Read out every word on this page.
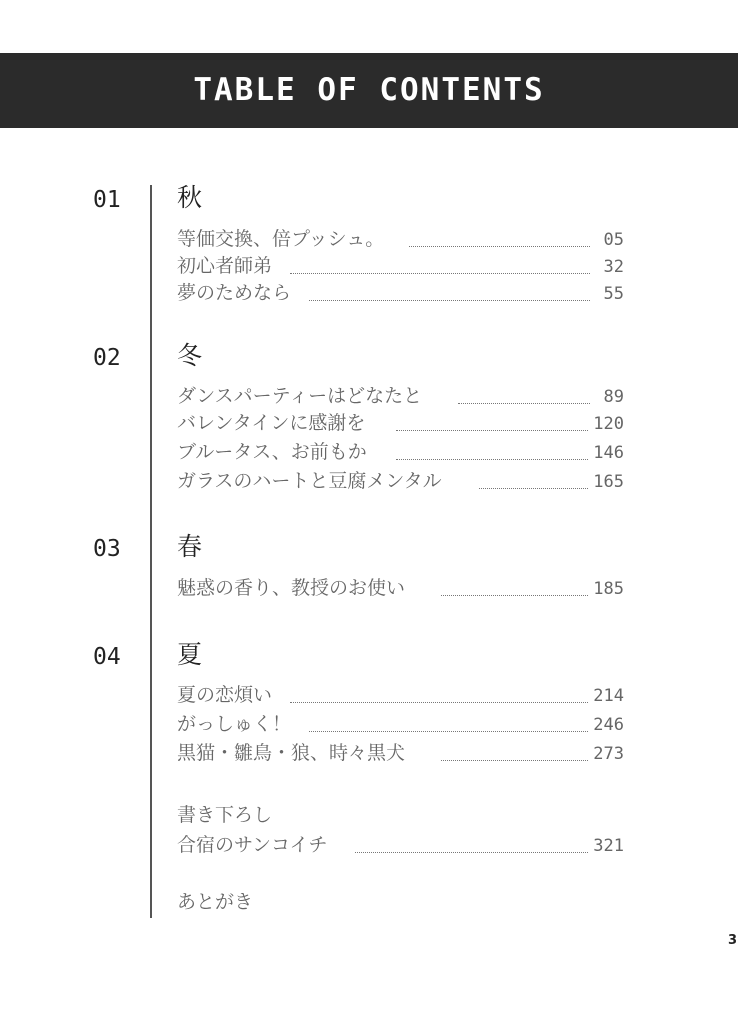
TABLE OF CONTENTS
01 秋
等価交換、倍プッシュ。	05
初心者師弟	32
夢のためなら	55
02 冬
ダンスパーティーはどなたと	89
バレンタインに感謝を	120
ブルータス、お前もか	146
ガラスのハートと豆腐メンタル	165
03 春
魅惑の香り、教授のお使い	185
04 夏
夏の恋煩い	214
がっしゅく！	246
黒猫・雛鳥・狼、時々黒犬	273
書き下ろし
合宿のサンコイチ	321
あとがき
3
